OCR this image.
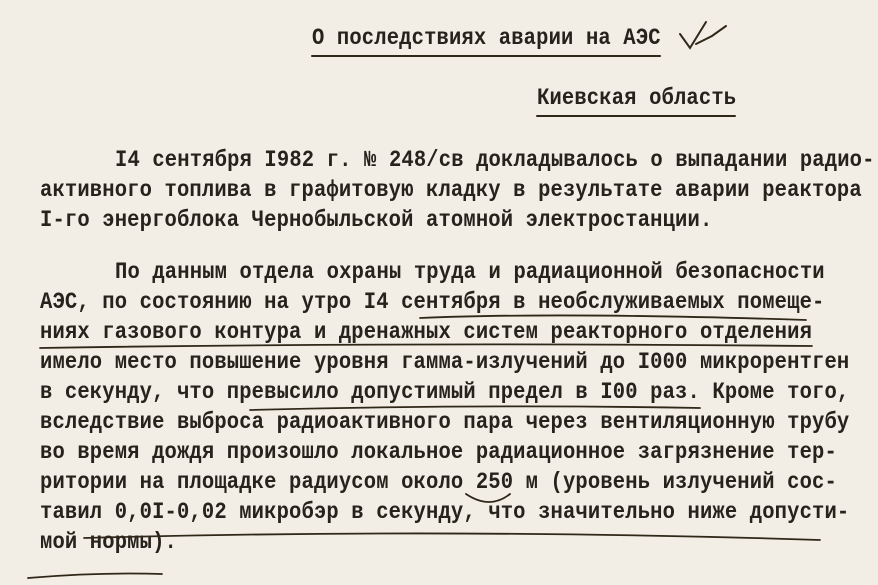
О последствиях аварии на АЭС
Киевская область
I4 сентября I982 г. № 248/св докладывалось о выпадании радио-
активного топлива в графитовую кладку в результате аварии реактора
I-го энергоблока Чернобыльской атомной электростанции.
По данным отдела охраны труда и радиационной безопасности
АЭС, по состоянию на утро I4 сентября в необслуживаемых помеще-
ниях газового контура и дренажных систем реакторного отделения
имело место повышение уровня гамма-излучений до I000 микрорентген
в секунду, что превысило допустимый предел в I00 раз. Кроме того,
вследствие выброса радиоактивного пара через вентиляционную трубу
во время дождя произошло локальное радиационное загрязнение тер-
ритории на площадке радиусом около 250 м (уровень излучений сос-
тавил 0,0I-0,02 микробэр в секунду, что значительно ниже допусти-
мой нормы).
